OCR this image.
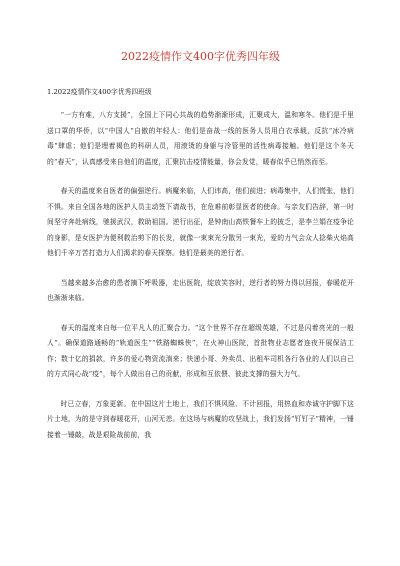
2022疫情作文400字优秀四年级
1.2022疫情作文400字优秀四班级

“一方有难，八方支援”，全国上下同心共战的趋势渐渐形成，汇聚成大，温和寒冬。他们是千里送口罩的华侨，以“中国人”自傲的年轻人：他们是奋战一线的医务人员用白衣承载，反抗“冰冷病毒”肆虐；他们是埋着褐色的科研人员，用滚烫的身躯与冷管里的活性病毒接触。他们是这个冬天的“春天”，认真感受来自他们的温度，汇聚抗击疫情能量，你会发觉，暖春似乎已悄然而至。

春天的温度来自医者的偏强逆行。病魔来临，人们讳高，他们前进；病毒集中，人们慌张，他们不惧。来自全国各地的医护人员主动签下请战书，在危难前彰显医者的使命。与亲友们告辞，第一时间坚守奔赴病线，驰援武汉，救助祖国。逆行出征，是钟南山高铁餐车上的披乏，是李兰娟在疫争论的身影，是女医护为便利救治剪下的长发，就像一束束光分散另一束光，爱的力气会众人捻柴火焰高他们千辛万苦打造力人们渴求的春天探察。他们是最美的逆行者。

当越来越多治愈的患者摘下呼吸器，走出医院，绽放笑容时，逆行者的努力得以回报，春暖花开也渐渐来临。

春天的温度来自每一位平凡人的汇聚合力。“这个世界不存在超级英雄，不过是闪着亮光的一般人”。确保道路通畅的“轨道医生”“铁路蜘蛛侠”，在火神山医院，首批物业志愿者连夜开展保洁工作；数十亿的捐款，许多的爱心物资流淌来；快递小哥、外卖员、出租车司机各行各业的人们以自己的方式同心战“疫”，每个人做出自己的贡献，形成和互依偎、彼此支撑的强大力气。

时已立春，万象更新。在中国这片土地上，我们不惧风险、不计回报，用热血和赤诚守护脚下这片土地，为的是守到春暖花开，山河无恙。在这场与病魔的攻坚战上，我们发扬“钉钉子”精神，一锤接着一锤敲，战是艰险战前前，我
